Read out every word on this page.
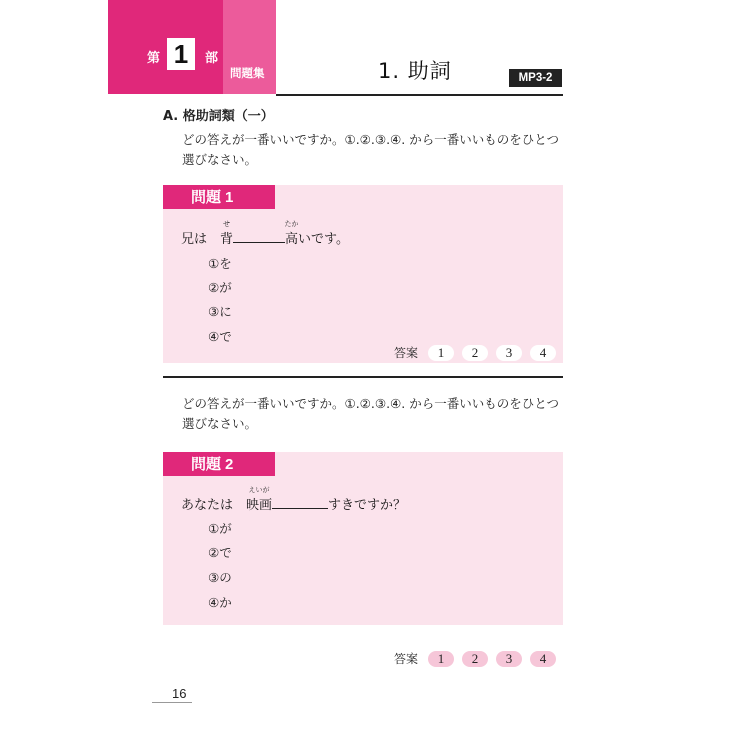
第 1	部
問題集	1. 助詞	MP3-2
A. 格助詞類（一）
どの答えが一番いいですか。①.②.③.④. から一番いいものをひとつ選びなさい。
問題 1
兄は　
せ
背
たか
高いです。
①を
②が
③に
④で
答案	1	2	3	4
どの答えが一番いいですか。①.②.③.④. から一番いいものをひとつ選びなさい。
問題 2
あなたは　
えいが
映画	すきですか？
①が
②で
③の
④か
答案	1	2	3	4
16
